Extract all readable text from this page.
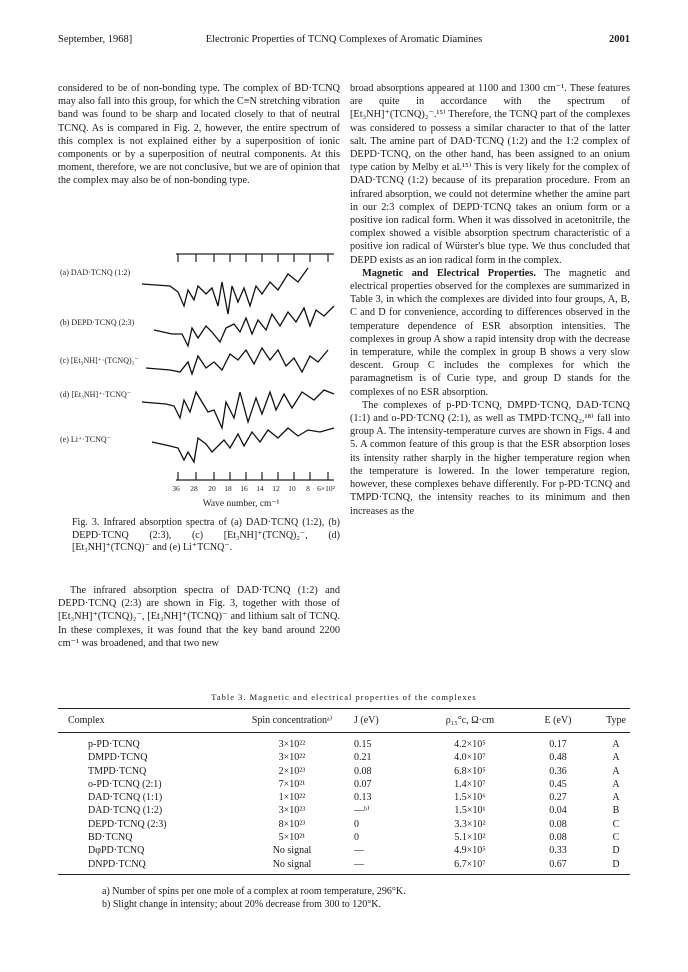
September, 1968]	Electronic Properties of TCNQ Complexes of Aromatic Diamines	2001

considered to be of non-bonding type. The complex of BD·TCNQ may also fall into this group, for which the C≡N stretching vibration band was found to be sharp and located closely to that of neutral TCNQ. As is compared in Fig. 2, however, the entire spectrum of this complex is not explained either by a superposition of ionic components or by a superposition of neutral components. At this moment, therefore, we are not conclusive, but we are of opinion that the complex may also be of non-bonding type.

36 28 20 18 16 14 12 10 8 6×10²
(a) DAD·TCNQ (1:2)
(b) DEPD·TCNQ (2:3)
(c) [Et₃NH]⁺·(TCNQ)₂⁻
(d) [Et₃NH]⁺·TCNQ⁻
(e) Li⁺·TCNQ⁻
Wave number, cm⁻¹

Fig. 3. Infrared absorption spectra of (a) DAD·TCNQ (1:2), (b) DEPD·TCNQ (2:3), (c) [Et₃NH]⁺(TCNQ)₂⁻, (d) [Et₃NH]⁺(TCNQ)⁻ and (e) Li⁺TCNQ⁻.

The infrared absorption spectra of DAD·TCNQ (1:2) and DEPD·TCNQ (2:3) are shown in Fig. 3, together with those of [Et₃NH]⁺(TCNQ)₂⁻, [Et₃NH]⁺(TCNQ)⁻ and lithium salt of TCNQ. In these complexes, it was found that the key band around 2200 cm⁻¹ was broadened, and that two new

broad absorptions appeared at 1100 and 1300 cm⁻¹. These features are quite in accordance with the spectrum of [Et₃NH]⁺(TCNQ)₂⁻.¹⁵⁾ Therefore, the TCNQ part of the complexes was considered to possess a similar character to that of the latter salt. The amine part of DAD·TCNQ (1:2) and the 1:2 complex of DEPD·TCNQ, on the other hand, has been assigned to an onium type cation by Melby et al.¹⁵⁾ This is very likely for the complex of DAD·TCNQ (1:2) because of its preparation procedure. From an infrared absorption, we could not determine whether the amine part in our 2:3 complex of DEPD·TCNQ takes an onium form or a positive ion radical form. When it was dissolved in acetonitrile, the complex showed a visible absorption spectrum characteristic of a positive ion radical of Würster's blue type. We thus concluded that DEPD exists as an ion radical form in the complex.

Magnetic and Electrical Properties. The magnetic and electrical properties observed for the complexes are summarized in Table 3, in which the complexes are divided into four groups, A, B, C and D for convenience, according to differences observed in the temperature dependence of ESR absorption intensities. The complexes in group A show a rapid intensity drop with the decrease in temperature, while the complex in group B shows a very slow descent. Group C includes the complexes for which the paramagnetism is of Curie type, and group D stands for the complexes of no ESR absorption.

The complexes of p-PD·TCNQ, DMPD·TCNQ, DAD·TCNQ (1:1) and o-PD·TCNQ (2:1), as well as TMPD·TCNQ₂,¹⁸⁾ fall into group A. The intensity-temperature curves are shown in Figs. 4 and 5. A common feature of this group is that the ESR absorption loses its intensity rather sharply in the higher temperature region when the temperature is lowered. In the lower temperature region, however, these complexes behave differently. For p-PD·TCNQ and TMPD·TCNQ, the intensity reaches to its minimum and then increases as the

Table 3. Magnetic and electrical properties of the complexes
Complex	Spin concentrationᵃ⁾	J (eV)	ρ₁₅°c, Ω·cm	E (eV)	Type
p-PD·TCNQ	3×10²²	0.15	4.2×10⁵	0.17	A
DMPD·TCNQ	3×10²²	0.21	4.0×10⁷	0.48	A
TMPD·TCNQ	2×10²³	0.08	6.8×10⁵	0.36	A
o-PD·TCNQ (2:1)	7×10²¹	0.07	1.4×10⁷	0.45	A
DAD·TCNQ (1:1)	1×10²²	0.13	1.5×10⁶	0.27	A
DAD·TCNQ (1:2)	3×10²³	—ᵇ⁾	1.5×10¹	0.04	B
DEPD·TCNQ (2:3)	8×10²³	0	3.3×10²	0.08	C
BD·TCNQ	5×10²¹	0	5.1×10²	0.08	C
DφPD·TCNQ	No signal	—	4.9×10⁵	0.33	D
DNPD·TCNQ	No signal	—	6.7×10⁷	0.67	D
a) Number of spins per one mole of a complex at room temperature, 296°K.
b) Slight change in intensity; about 20% decrease from 300 to 120°K.
